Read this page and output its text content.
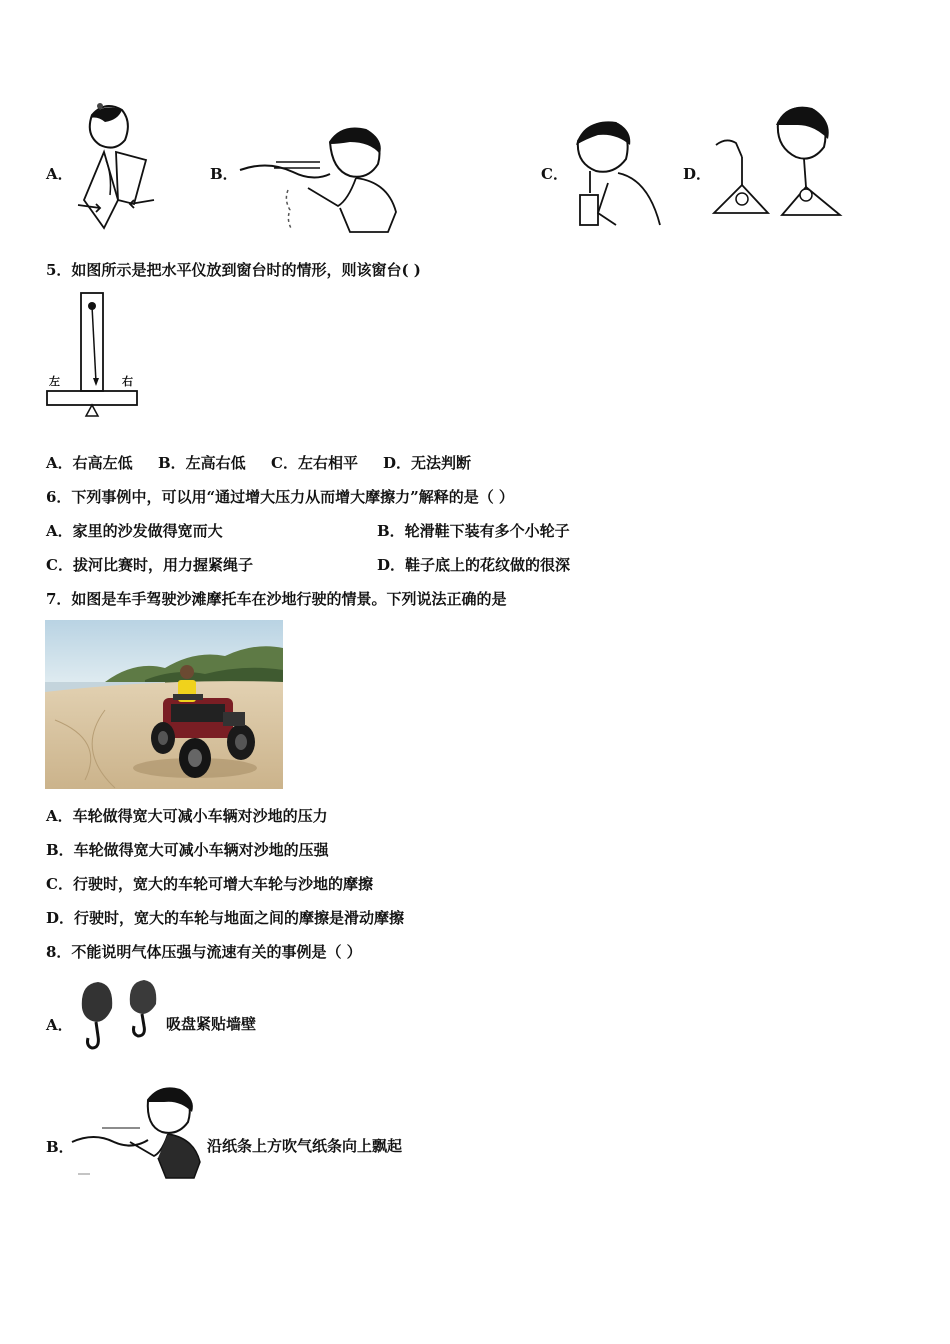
A．	B．	C．	D．
5．如图所示是把水平仪放到窗台时的情形，则该窗台( )
左	右
A．右高左低 B．左高右低 C．左右相平 D．无法判断
6．下列事例中，可以用“通过增大压力从而增大摩擦力”解释的是（ ）
A．家里的沙发做得宽而大	B．轮滑鞋下装有多个小轮子
C．拔河比赛时，用力握紧绳子	D．鞋子底上的花纹做的很深
7．如图是车手驾驶沙滩摩托车在沙地行驶的情景。下列说法正确的是
A．车轮做得宽大可减小车辆对沙地的压力
B．车轮做得宽大可减小车辆对沙地的压强
C．行驶时，宽大的车轮可增大车轮与沙地的摩擦
D．行驶时，宽大的车轮与地面之间的摩擦是滑动摩擦
8．不能说明气体压强与流速有关的事例是（ ）
A．	吸盘紧贴墙壁
B．	沿纸条上方吹气纸条向上飘起
